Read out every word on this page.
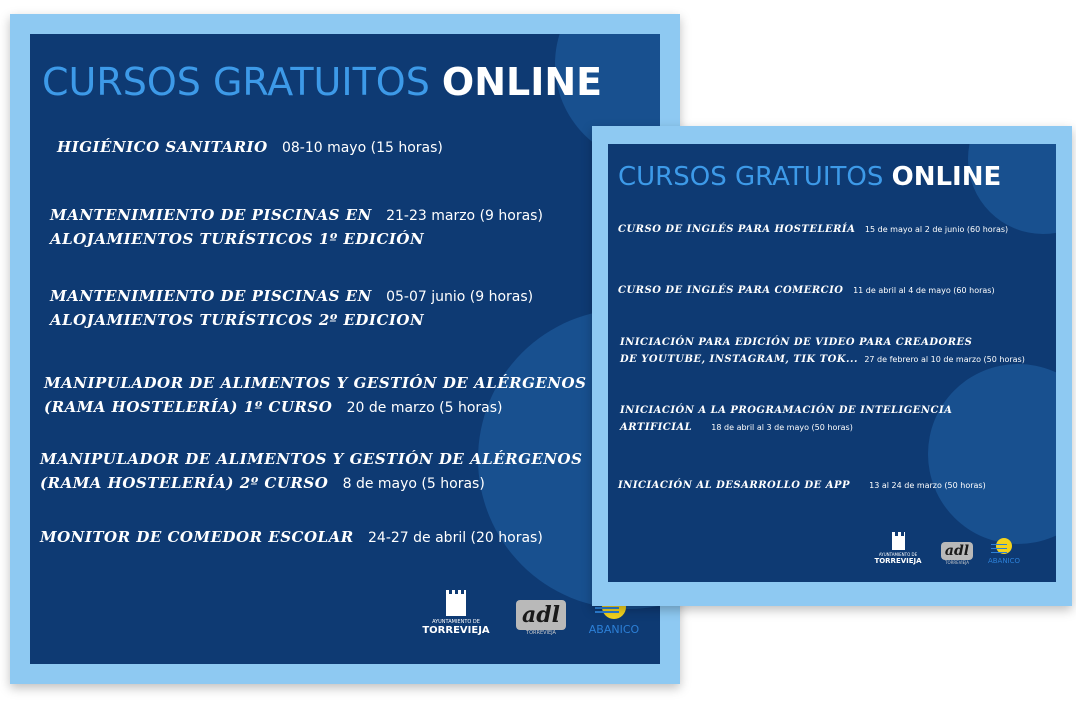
CURSOS GRATUITOS ONLINE
HIGIÉNICO SANITARIO 08-10 mayo (15 horas)
MANTENIMIENTO DE PISCINAS EN 21-23 marzo (9 horas)
ALOJAMIENTOS TURÍSTICOS 1º EDICIÓN
MANTENIMIENTO DE PISCINAS EN 05-07 junio (9 horas)
ALOJAMIENTOS TURÍSTICOS 2º EDICION
MANIPULADOR DE ALIMENTOS Y GESTIÓN DE ALÉRGENOS
(RAMA HOSTELERÍA) 1º CURSO 20 de marzo (5 horas)
MANIPULADOR DE ALIMENTOS Y GESTIÓN DE ALÉRGENOS
(RAMA HOSTELERÍA) 2º CURSO 8 de mayo (5 horas)
MONITOR DE COMEDOR ESCOLAR 24-27 de abril (20 horas)
AYUNTAMIENTO DE
TORREVIEJA
adl
TORREVIEJA	ABANICO
CURSOS GRATUITOS ONLINE
CURSO DE INGLÉS PARA HOSTELERÍA 15 de mayo al 2 de junio (60 horas)
CURSO DE INGLÉS PARA COMERCIO 11 de abril al 4 de mayo (60 horas)
INICIACIÓN PARA EDICIÓN DE VIDEO PARA CREADORES
DE YOUTUBE, INSTAGRAM, TIK TOK... 27 de febrero al 10 de marzo (50 horas)
INICIACIÓN A LA PROGRAMACIÓN DE INTELIGENCIA
ARTIFICIAL 18 de abril al 3 de mayo (50 horas)
INICIACIÓN AL DESARROLLO DE APP 13 al 24 de marzo (50 horas)
AYUNTAMIENTO DE
TORREVIEJA
adl
TORREVIEJA	ABANICO
